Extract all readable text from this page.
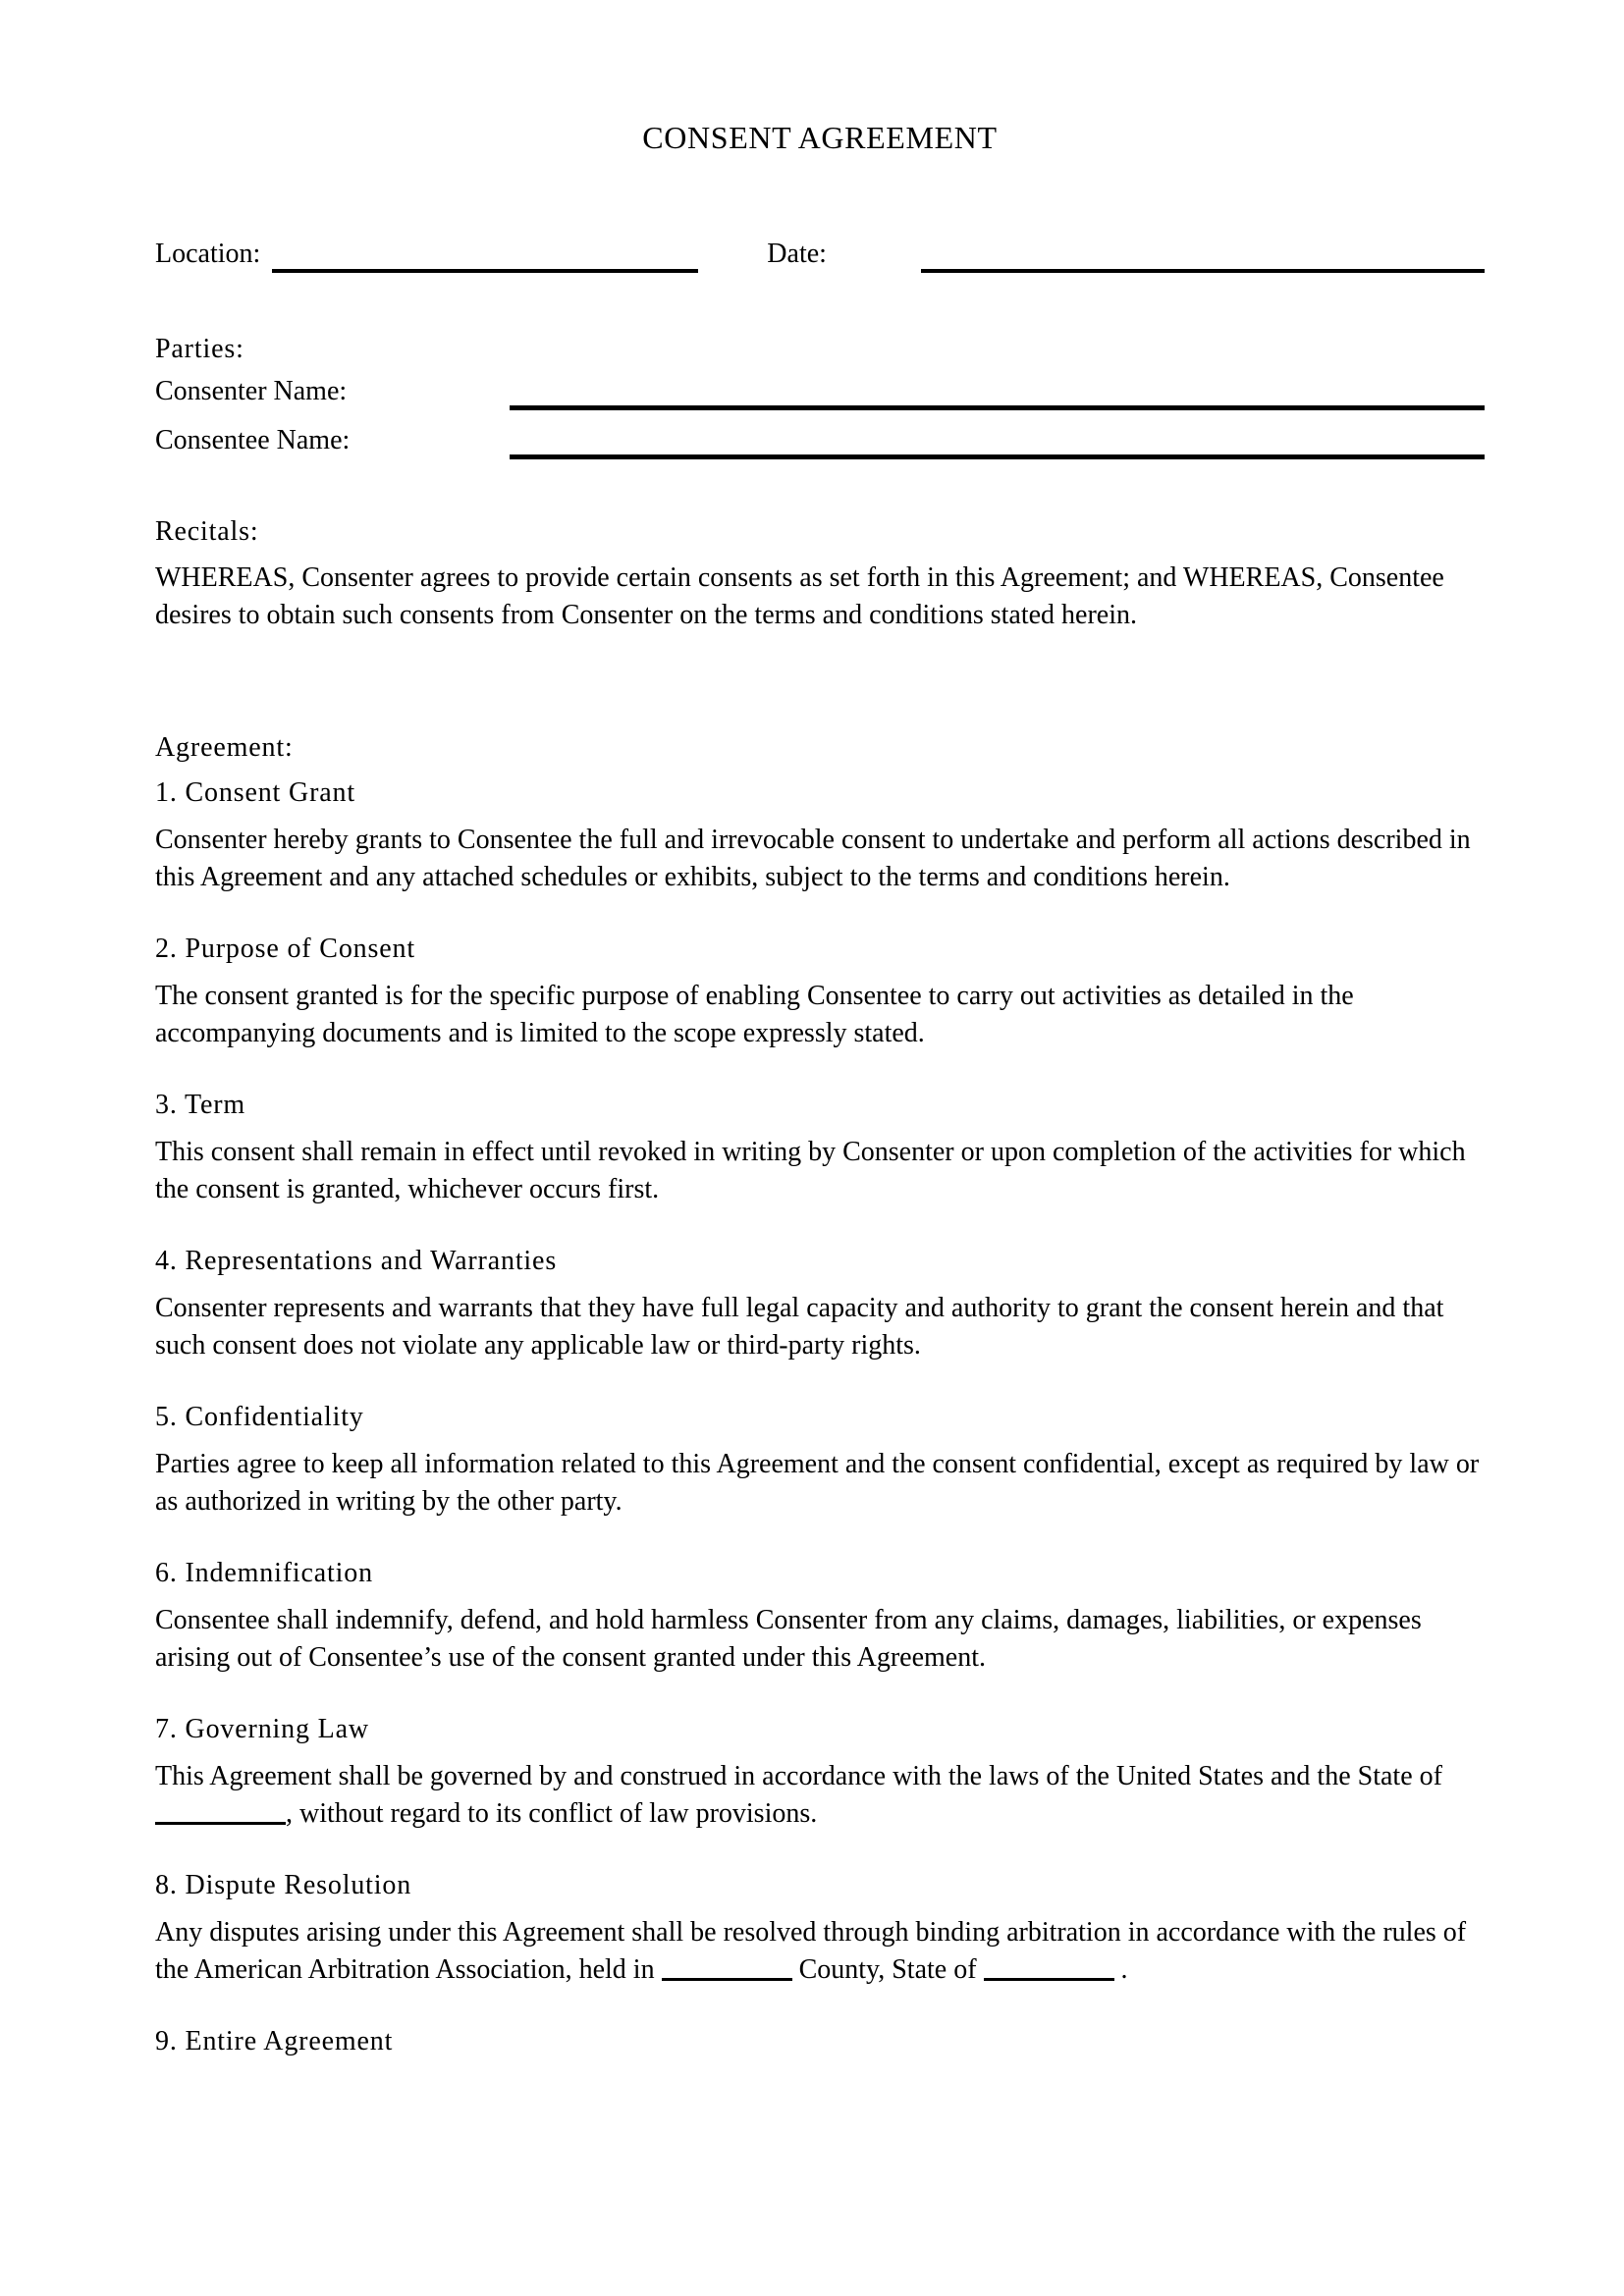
CONSENT AGREEMENT
Location:	Date:
Parties:
Consenter Name:
Consentee Name:
Recitals:

WHEREAS, Consenter agrees to provide certain consents as set forth in this Agreement; and WHEREAS, Consentee desires to obtain such consents from Consenter on the terms and conditions stated herein.

Agreement:
1. Consent Grant

Consenter hereby grants to Consentee the full and irrevocable consent to undertake and perform all actions described in this Agreement and any attached schedules or exhibits, subject to the terms and conditions herein.

2. Purpose of Consent

The consent granted is for the specific purpose of enabling Consentee to carry out activities as detailed in the accompanying documents and is limited to the scope expressly stated.

3. Term

This consent shall remain in effect until revoked in writing by Consenter or upon completion of the activities for which the consent is granted, whichever occurs first.

4. Representations and Warranties

Consenter represents and warrants that they have full legal capacity and authority to grant the consent herein and that such consent does not violate any applicable law or third-party rights.

5. Confidentiality

Parties agree to keep all information related to this Agreement and the consent confidential, except as required by law or as authorized in writing by the other party.

6. Indemnification

Consentee shall indemnify, defend, and hold harmless Consenter from any claims, damages, liabilities, or expenses arising out of Consentee’s use of the consent granted under this Agreement.

7. Governing Law

This Agreement shall be governed by and construed in accordance with the laws of the United States and the State of , without regard to its conflict of law provisions.

8. Dispute Resolution

Any disputes arising under this Agreement shall be resolved through binding arbitration in accordance with the rules of the American Arbitration Association, held in	County, State of	.

9. Entire Agreement
